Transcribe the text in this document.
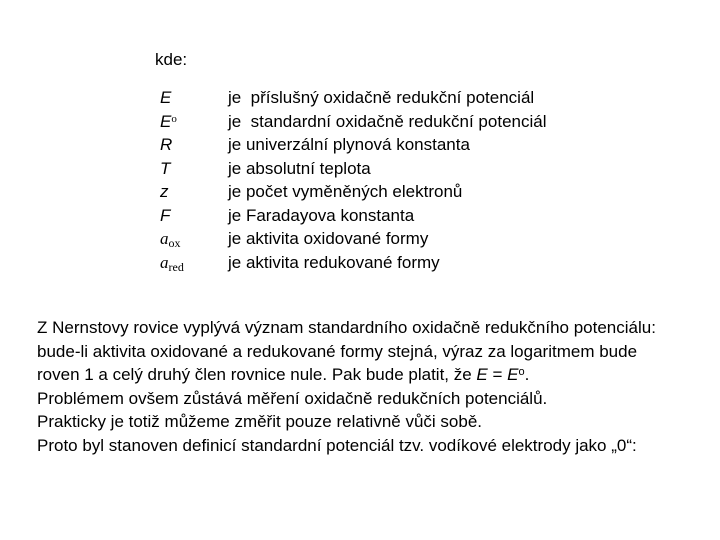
kde:
E	je  příslušný oxidačně redukční potenciál
$E^o$	je  standardní oxidačně redukční potenciál
R	je univerzální plynová konstanta
T	je absolutní teplota
z	je počet vyměněných elektronů
F	je Faradayova konstanta
$a_{ox}$	je aktivita oxidované formy
$a_{red}$	je aktivita redukované formy
Z Nernstovy rovice vyplývá význam standardního oxidačně redukčního potenciálu:
bude-li aktivita oxidované a redukované formy stejná, výraz za logaritmem bude
roven 1 a celý druhý člen rovnice nule. Pak bude platit, že $E = E^o$.
Problémem ovšem zůstává měření oxidačně redukčních potenciálů.
Prakticky je totiž můžeme změřit pouze relativně vůči sobě.
Proto byl stanoven definicí standardní potenciál tzv. vodíkové elektrody jako „0“:
